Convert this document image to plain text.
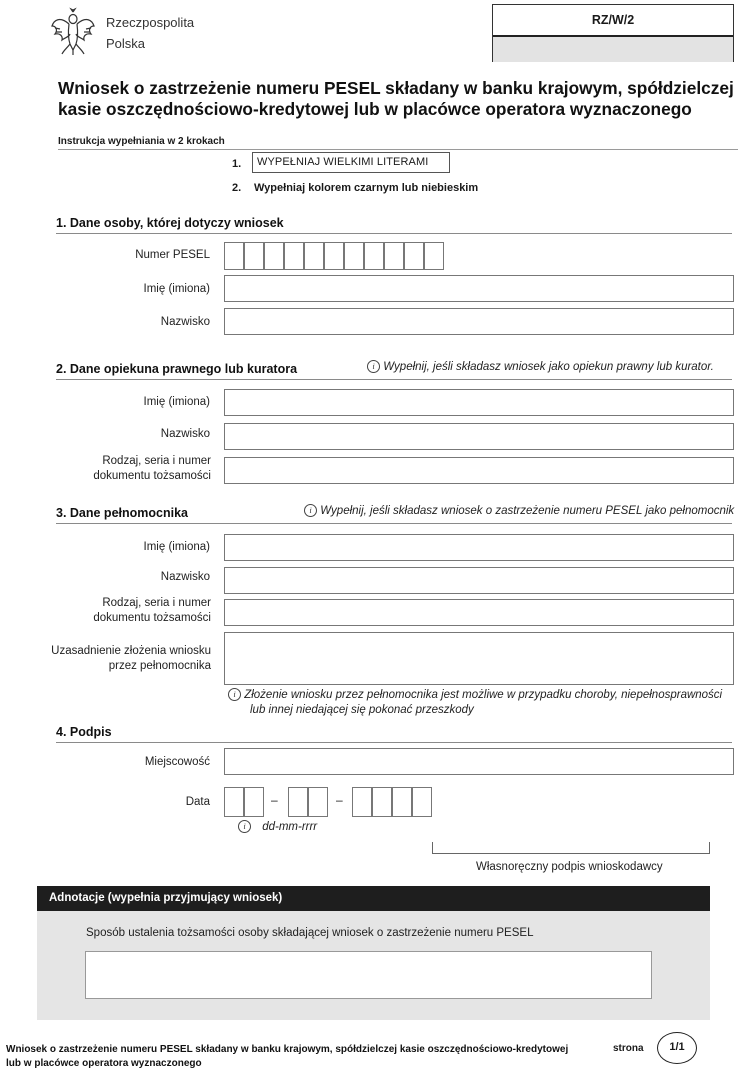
Rzeczpospolita
Polska
RZ/W/2
Wniosek o zastrzeżenie numeru PESEL składany w banku krajowym, spółdzielczej
kasie oszczędnościowo-kredytowej lub w placówce operatora wyznaczonego
Instrukcja wypełniania w 2 krokach
1.	WYPEŁNIAJ WIELKIMI LITERAMI
2. Wypełniaj kolorem czarnym lub niebieskim
1. Dane osoby, której dotyczy wniosek
Numer PESEL
Imię (imiona)
Nazwisko
2. Dane opiekuna prawnego lub kuratora	i Wypełnij, jeśli składasz wniosek jako opiekun prawny lub kurator.
Imię (imiona)
Nazwisko
Rodzaj, seria i numer
dokumentu tożsamości
3. Dane pełnomocnika	i Wypełnij, jeśli składasz wniosek o zastrzeżenie numeru PESEL jako pełnomocnik
Imię (imiona)
Nazwisko
Rodzaj, seria i numer
dokumentu tożsamości
Uzasadnienie złożenia wniosku
przez pełnomocnika
i Złożenie wniosku przez pełnomocnika jest możliwe w przypadku choroby, niepełnosprawności
lub innej niedającej się pokonać przeszkody
4. Podpis
Miejscowość
Data	–	–
i dd-mm-rrrr
Własnoręczny podpis wnioskodawcy
Adnotacje (wypełnia przyjmujący wniosek)
Sposób ustalenia tożsamości osoby składającej wniosek o zastrzeżenie numeru PESEL
Wniosek o zastrzeżenie numeru PESEL składany w banku krajowym, spółdzielczej kasie oszczędnościowo-kredytowej
lub w placówce operatora wyznaczonego
strona	1/1
